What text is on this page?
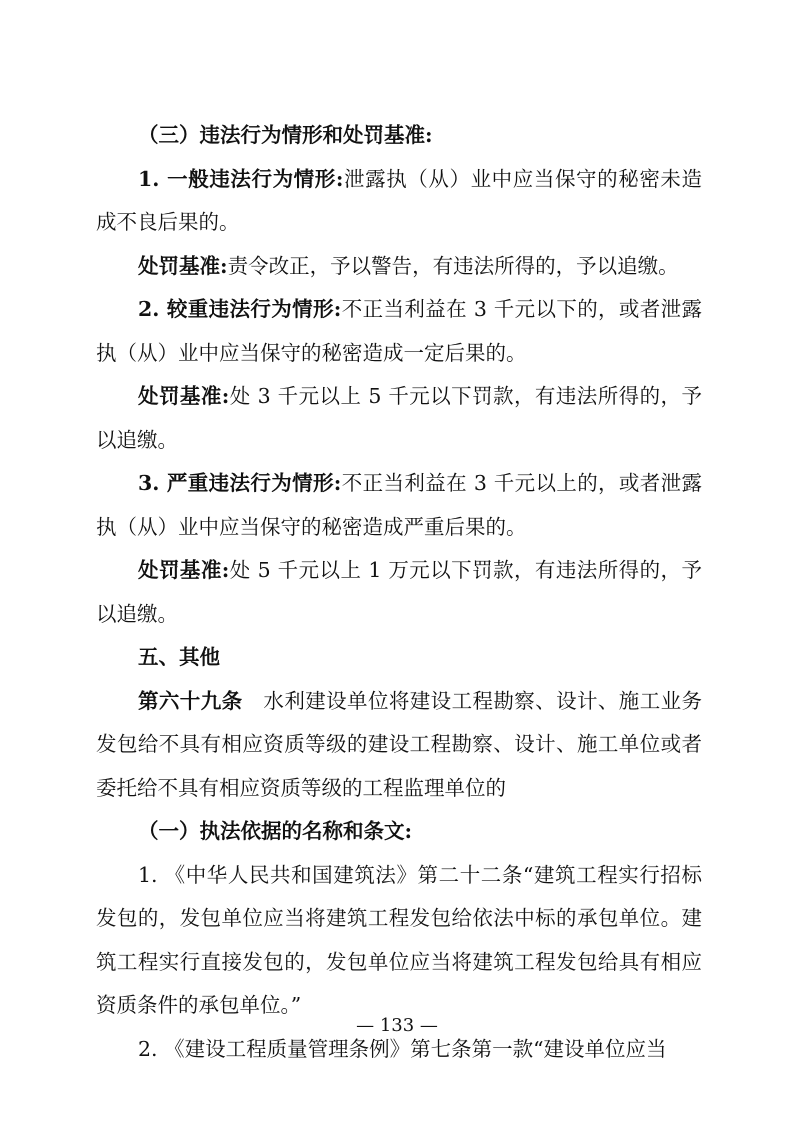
（三）违法行为情形和处罚基准:

1. 一般违法行为情形:泄露执（从）业中应当保守的秘密未造成不良后果的。

处罚基准:责令改正，予以警告，有违法所得的，予以追缴。

2. 较重违法行为情形:不正当利益在 3 千元以下的，或者泄露执（从）业中应当保守的秘密造成一定后果的。

处罚基准:处 3 千元以上 5 千元以下罚款，有违法所得的，予以追缴。

3. 严重违法行为情形:不正当利益在 3 千元以上的，或者泄露执（从）业中应当保守的秘密造成严重后果的。

处罚基准:处 5 千元以上 1 万元以下罚款，有违法所得的，予以追缴。

五、其他

第六十九条　水利建设单位将建设工程勘察、设计、施工业务发包给不具有相应资质等级的建设工程勘察、设计、施工单位或者委托给不具有相应资质等级的工程监理单位的

（一）执法依据的名称和条文:

1. 《中华人民共和国建筑法》第二十二条“建筑工程实行招标发包的，发包单位应当将建筑工程发包给依法中标的承包单位。建筑工程实行直接发包的，发包单位应当将建筑工程发包给具有相应资质条件的承包单位。”

2. 《建设工程质量管理条例》第七条第一款“建设单位应当

— 133 —
